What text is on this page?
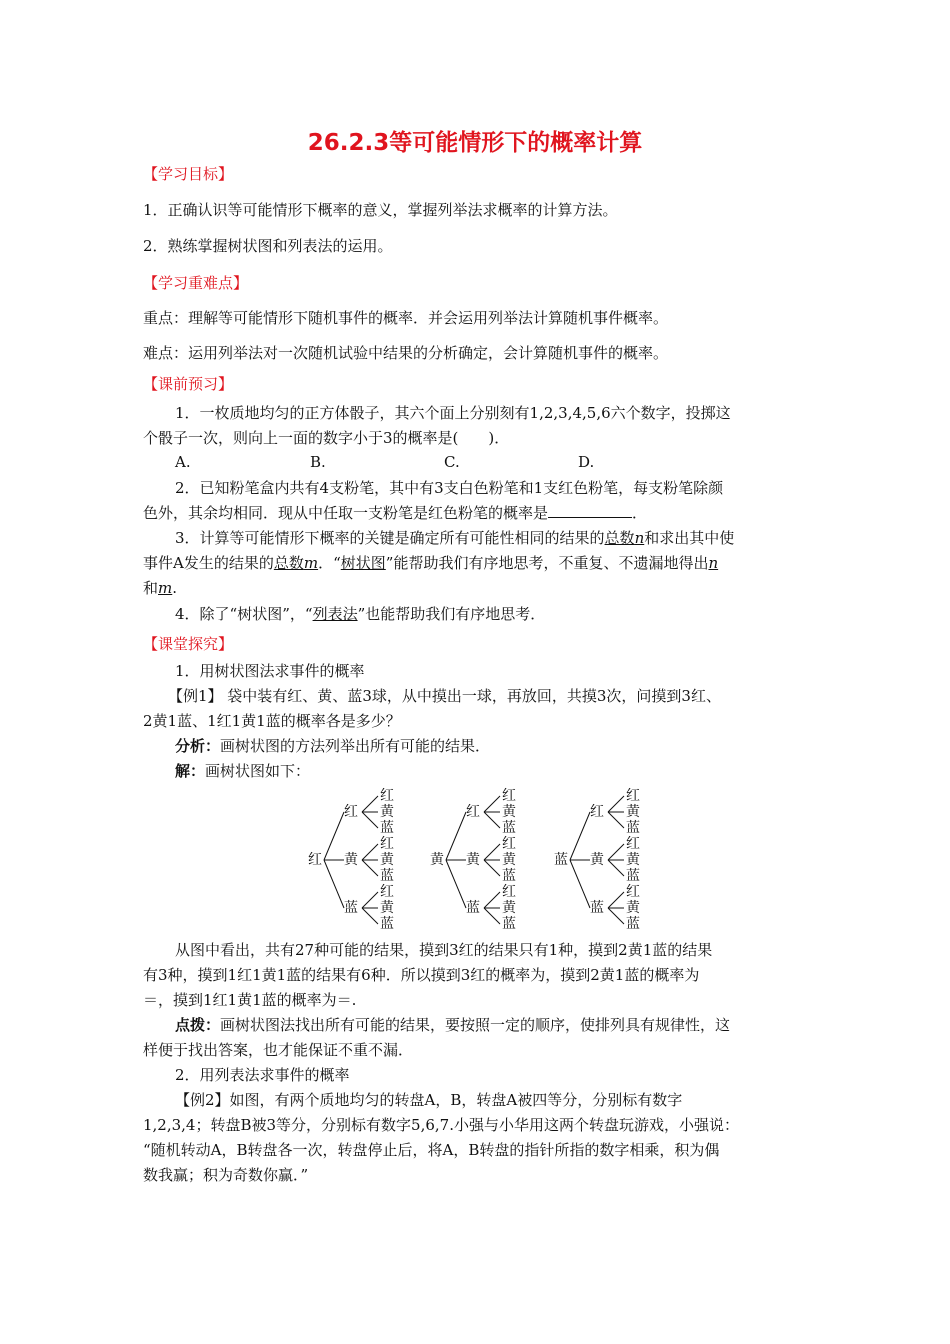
26.2.3等可能情形下的概率计算
【学习目标】
1．正确认识等可能情形下概率的意义，掌握列举法求概率的计算方法。
2．熟练掌握树状图和列表法的运用。
【学习重难点】
重点：理解等可能情形下随机事件的概率．并会运用列举法计算随机事件概率。
难点：运用列举法对一次随机试验中结果的分析确定，会计算随机事件的概率。
【课前预习】
1．一枚质地均匀的正方体骰子，其六个面上分别刻有1,2,3,4,5,6六个数字，投掷这
个骰子一次，则向上一面的数字小于3的概率是(　　)．
A.	B.	C.	D.
2．已知粉笔盒内共有4支粉笔，其中有3支白色粉笔和1支红色粉笔，每支粉笔除颜
色外，其余均相同．现从中任取一支粉笔是红色粉笔的概率是	．
3．计算等可能情形下概率的关键是确定所有可能性相同的结果的总数n和求出其中使
事件A发生的结果的总数m．“树状图”能帮助我们有序地思考，不重复、不遗漏地得出n
和m.
4．除了“树状图”，“列表法”也能帮助我们有序地思考．
【课堂探究】
1．用树状图法求事件的概率
【例1】 袋中装有红、黄、蓝3球，从中摸出一球，再放回，共摸3次，问摸到3红、
2黄1蓝、1红1黄1蓝的概率各是多少？
分析：画树状图的方法列举出所有可能的结果．
解：画树状图如下：
红
红
红
黄
蓝
黄
红
黄
蓝
蓝
红
黄
蓝
黄
红
红
黄
蓝
黄
红
黄
蓝
蓝
红
黄
蓝
蓝
红
红
黄
蓝
黄
红
黄
蓝
蓝
红
黄
蓝
从图中看出，共有27种可能的结果，摸到3红的结果只有1种，摸到2黄1蓝的结果
有3种，摸到1红1黄1蓝的结果有6种．所以摸到3红的概率为，摸到2黄1蓝的概率为
＝，摸到1红1黄1蓝的概率为＝.
点拨：画树状图法找出所有可能的结果，要按照一定的顺序，使排列具有规律性，这
样便于找出答案，也才能保证不重不漏．
2．用列表法求事件的概率
【例2】如图，有两个质地均匀的转盘A，B，转盘A被四等分，分别标有数字
1,2,3,4；转盘B被3等分，分别标有数字5,6,7.小强与小华用这两个转盘玩游戏，小强说：
“随机转动A，B转盘各一次，转盘停止后，将A，B转盘的指针所指的数字相乘，积为偶
数我赢；积为奇数你赢．”
